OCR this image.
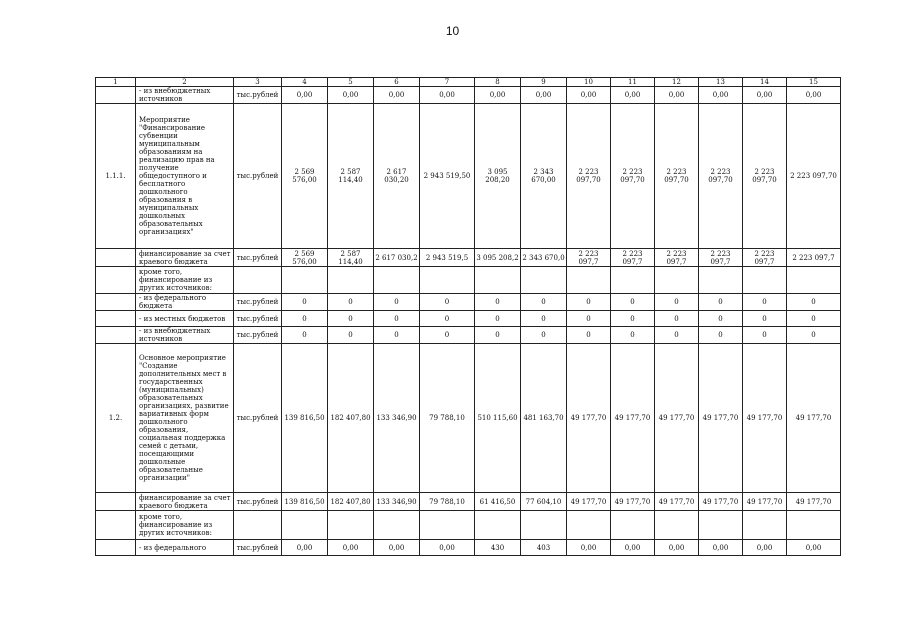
10
1	2	3	4	5	6	7	8	9	10	11	12	13	14	15
	- из внебюджетных источников	тыс.рублей	0,00	0,00	0,00	0,00	0,00	0,00	0,00	0,00	0,00	0,00	0,00	0,00
1.1.1.	Мероприятие "Финансирование субвенции муниципальным образованиям на реализацию прав на получение общедоступного и бесплатного дошкольного образования в муниципальных дошкольных образовательных организациях"	тыс.рублей	2 569 576,00	2 587 114,40	2 617 030,20	2 943 519,50	3 095 208,20	2 343 670,00	2 223 097,70	2 223 097,70	2 223 097,70	2 223 097,70	2 223 097,70	2 223 097,70
	финансирование за счет краевого бюджета	тыс.рублей	2 569 576,00	2 587 114,40	2 617 030,2	2 943 519,5	3 095 208,2	2 343 670,0	2 223 097,7	2 223 097,7	2 223 097,7	2 223 097,7	2 223 097,7	2 223 097,7
	кроме того, финансирование из других источников:													
	- из федерального бюджета	тыс.рублей	0	0	0	0	0	0	0	0	0	0	0	0
	- из местных бюджетов	тыс.рублей	0	0	0	0	0	0	0	0	0	0	0	0
	- из внебюджетных источников	тыс.рублей	0	0	0	0	0	0	0	0	0	0	0	0
1.2.	Основное мероприятие "Создание дополнительных мест в государственных (муниципальных) образовательных организациях, развитие вариативных форм дошкольного образования, социальная поддержка семей с детьми, посещающими дошкольные образовательные организации"	тыс.рублей	139 816,50	182 407,80	133 346,90	79 788,10	510 115,60	481 163,70	49 177,70	49 177,70	49 177,70	49 177,70	49 177,70	49 177,70
	финансирование за счет краевого бюджета	тыс.рублей	139 816,50	182 407,80	133 346,90	79 788,10	61 416,50	77 604,10	49 177,70	49 177,70	49 177,70	49 177,70	49 177,70	49 177,70
	кроме того, финансирование из других источников:													
	- из федерального	тыс.рублей	0,00	0,00	0,00	0,00	430	403	0,00	0,00	0,00	0,00	0,00	0,00
